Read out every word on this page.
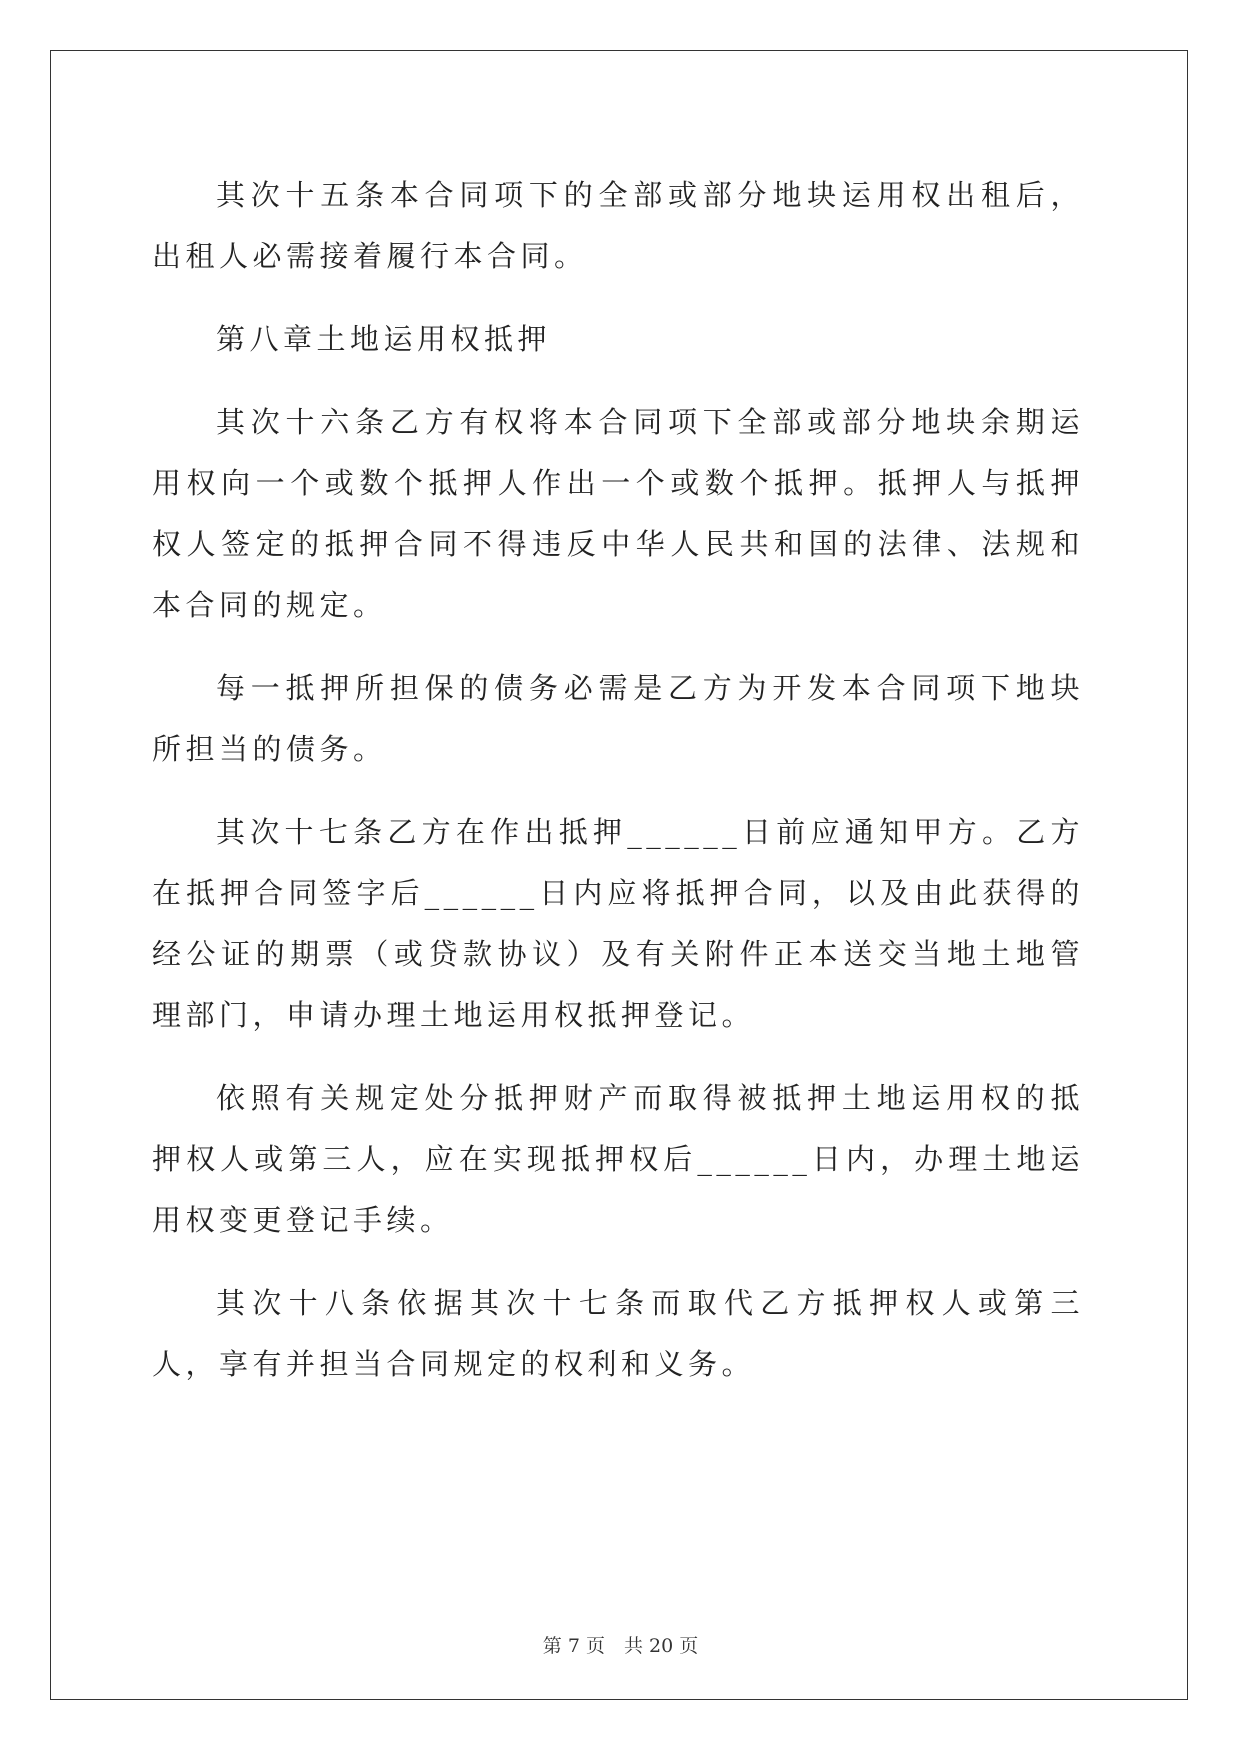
其次十五条本合同项下的全部或部分地块运用权出租后，出租人必需接着履行本合同。

第八章土地运用权抵押

其次十六条乙方有权将本合同项下全部或部分地块余期运用权向一个或数个抵押人作出一个或数个抵押。抵押人与抵押权人签定的抵押合同不得违反中华人民共和国的法律、法规和本合同的规定。

每一抵押所担保的债务必需是乙方为开发本合同项下地块所担当的债务。

其次十七条乙方在作出抵押______日前应通知甲方。乙方在抵押合同签字后______日内应将抵押合同，以及由此获得的经公证的期票（或贷款协议）及有关附件正本送交当地土地管理部门，申请办理土地运用权抵押登记。

依照有关规定处分抵押财产而取得被抵押土地运用权的抵押权人或第三人，应在实现抵押权后______日内，办理土地运用权变更登记手续。

其次十八条依据其次十七条而取代乙方抵押权人或第三人，享有并担当合同规定的权利和义务。

第 7 页　共 20 页
